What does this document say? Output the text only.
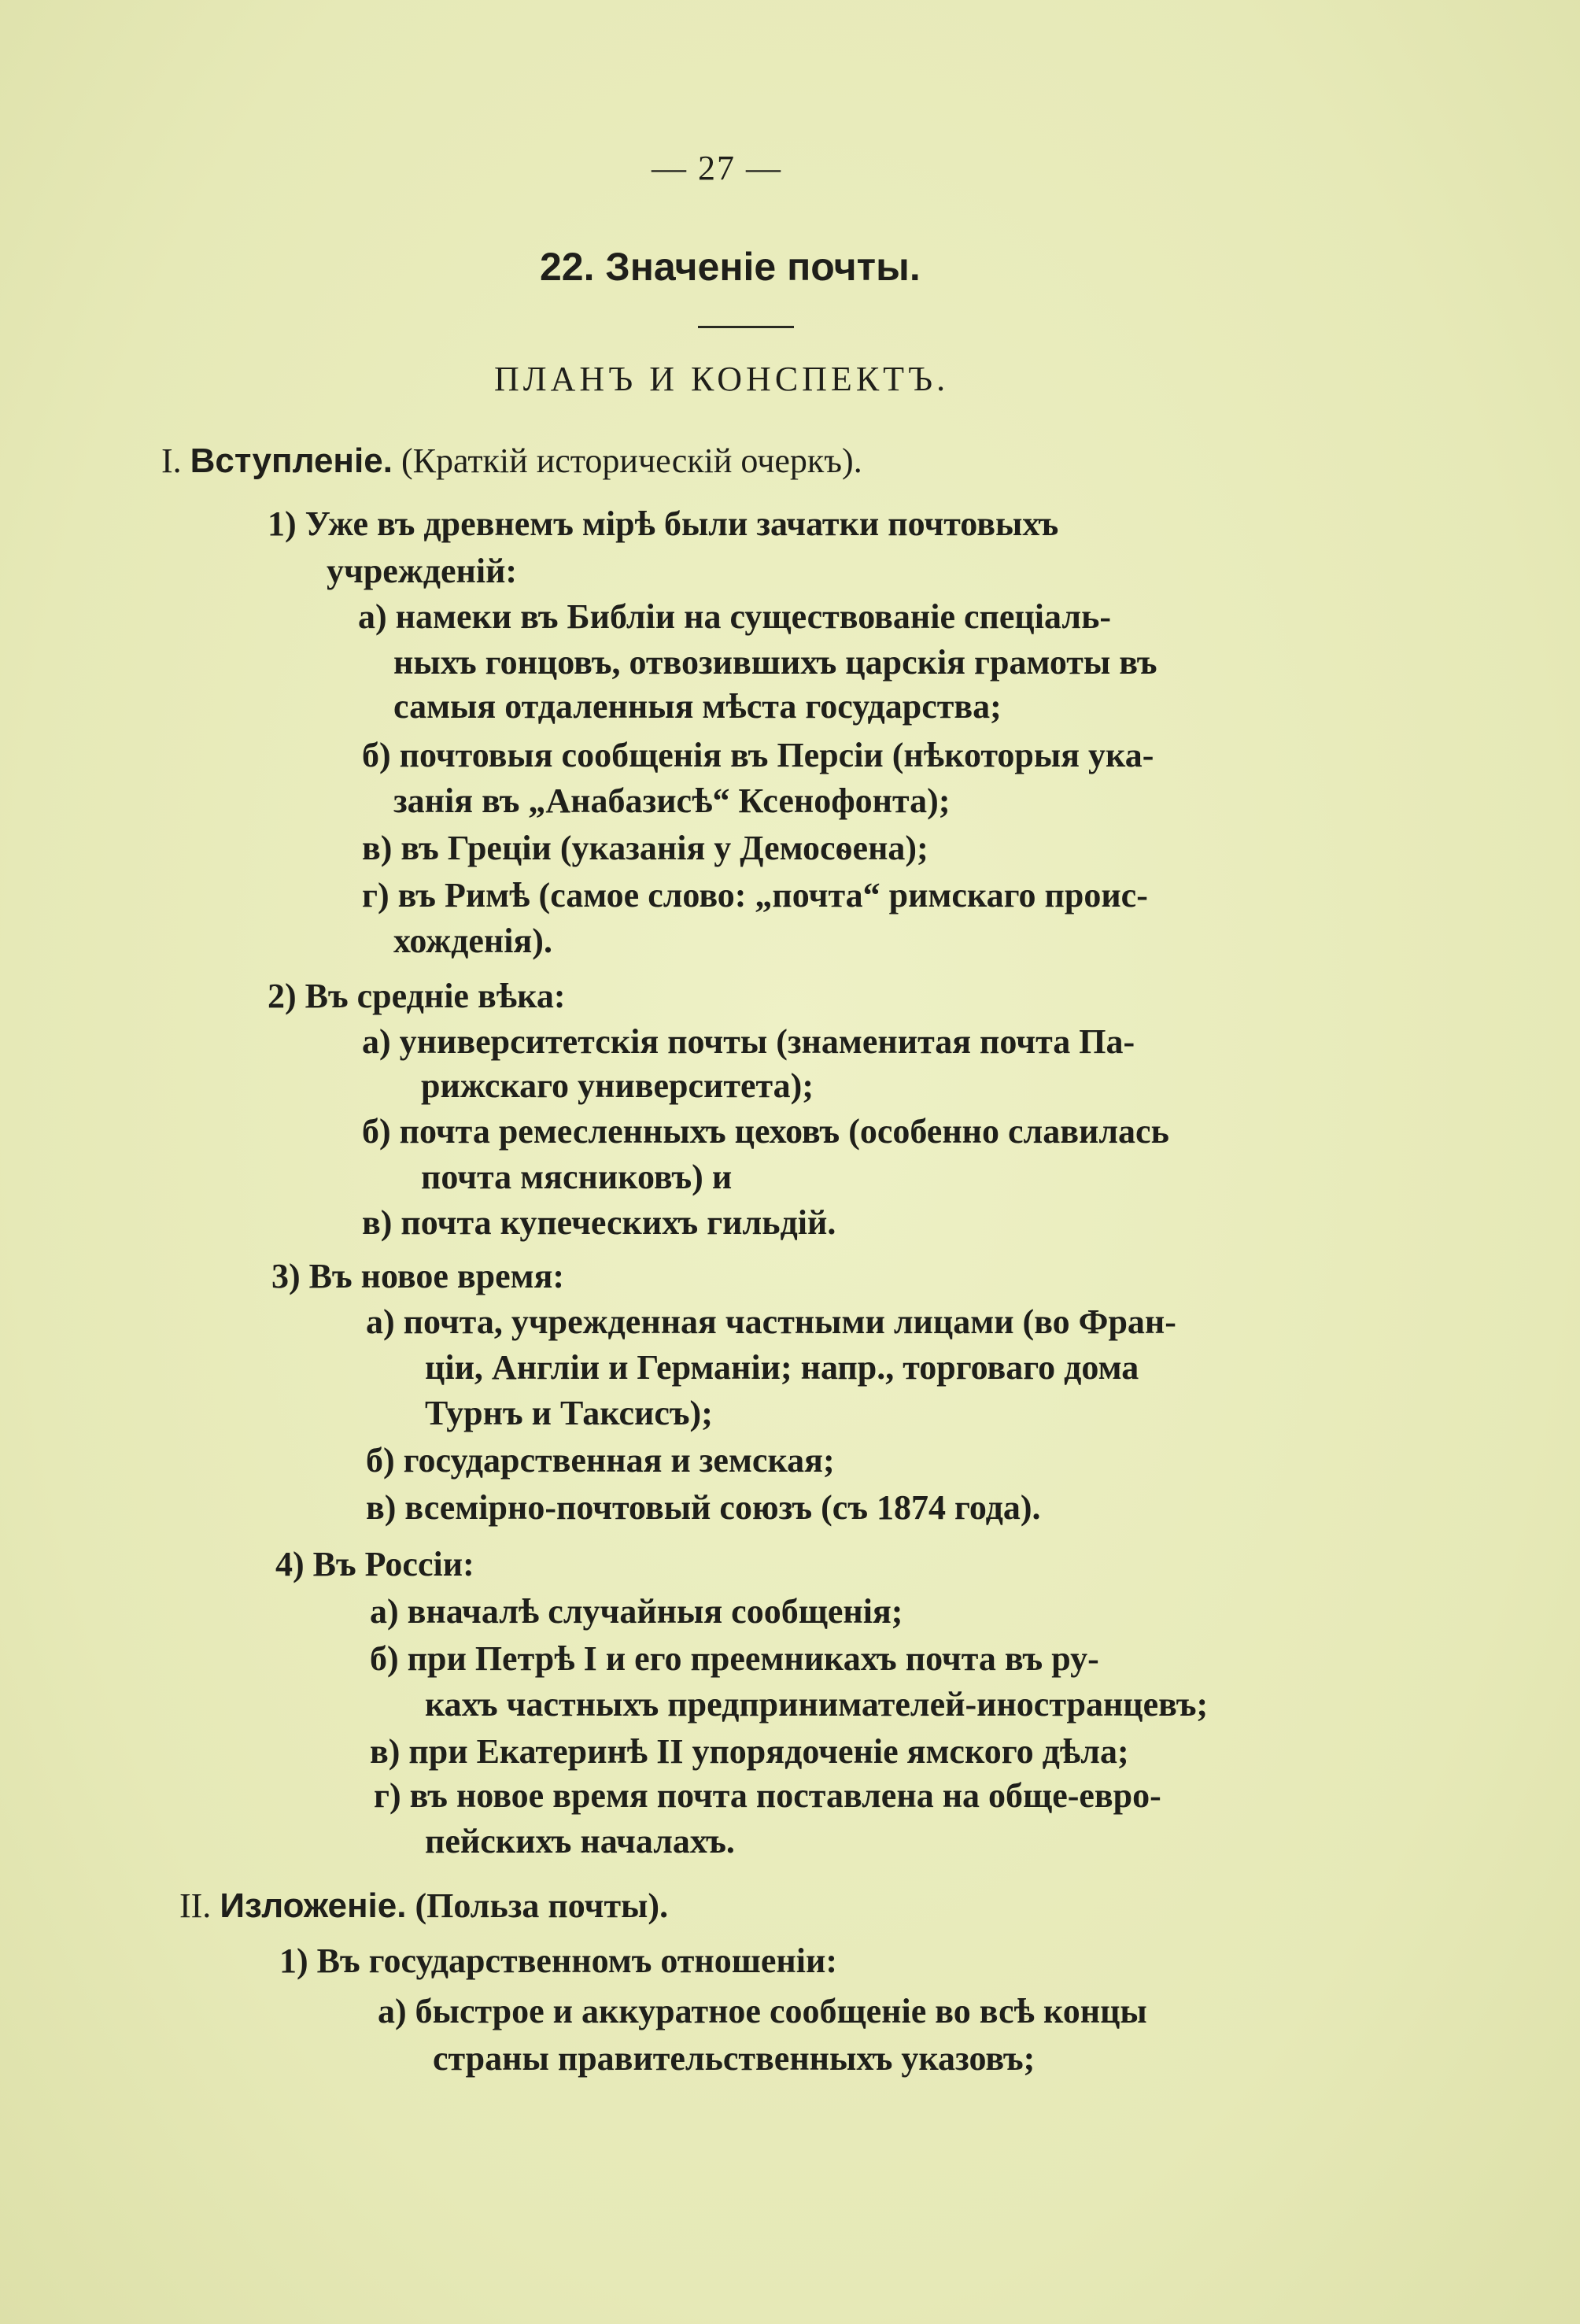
— 27 —
22. Значеніе почты.
ПЛАНЪ И КОНСПЕКТЪ.
I. Вступленіе. (Краткій историческій очеркъ).
1) Уже въ древнемъ мірѣ были зачатки почтовыхъ
учрежденій:
а) намеки въ Библіи на существованіе спеціаль-
ныхъ гонцовъ, отвозившихъ царскія грамоты въ
самыя отдаленныя мѣста государства;
б) почтовыя сообщенія въ Персіи (нѣкоторыя ука-
занія въ „Анабазисѣ“ Ксенофонта);
в) въ Греціи (указанія у Демосѳена);
г) въ Римѣ (самое слово: „почта“ римскаго проис-
хожденія).
2) Въ средніе вѣка:
а) университетскія почты (знаменитая почта Па-
рижскаго университета);
б) почта ремесленныхъ цеховъ (особенно славилась
почта мясниковъ) и
в) почта купеческихъ гильдій.
3) Въ новое время:
а) почта, учрежденная частными лицами (во Фран-
ціи, Англіи и Германіи; напр., торговаго дома
Турнъ и Таксисъ);
б) государственная и земская;
в) всемірно-почтовый союзъ (съ 1874 года).
4) Въ Россіи:
а) вначалѣ случайныя сообщенія;
б) при Петрѣ I и его преемникахъ почта въ ру-
кахъ частныхъ предпринимателей-иностранцевъ;
в) при Екатеринѣ II упорядоченіе ямского дѣла;
г) въ новое время почта поставлена на обще-евро-
пейскихъ началахъ.
II. Изложеніе. (Польза почты).
1) Въ государственномъ отношеніи:
а) быстрое и аккуратное сообщеніе во всѣ концы
страны правительственныхъ указовъ;
